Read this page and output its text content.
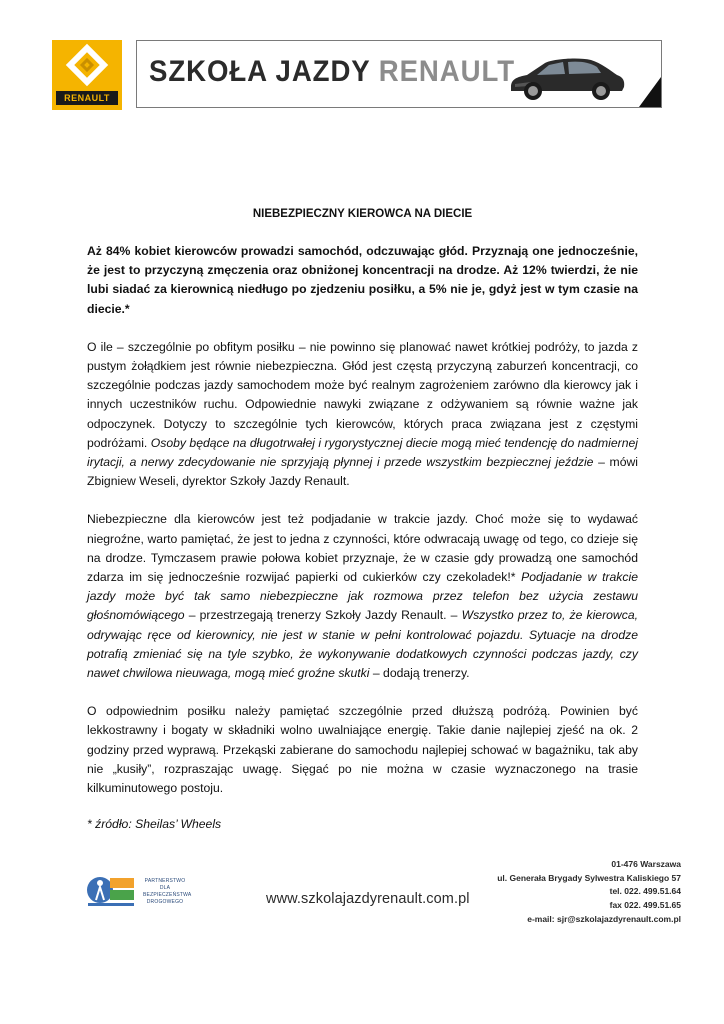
RENAULT
SZKOŁA JAZDY RENAULT

NIEBEZPIECZNY KIEROWCA NA DIECIE

Aż 84% kobiet kierowców prowadzi samochód, odczuwając głód. Przyznają one jednocześnie, że jest to przyczyną zmęczenia oraz obniżonej koncentracji na drodze. Aż 12% twierdzi, że nie lubi siadać za kierownicą niedługo po zjedzeniu posiłku, a 5% nie je, gdyż jest w tym czasie na diecie.*

O ile – szczególnie po obfitym posiłku – nie powinno się planować nawet krótkiej podróży, to jazda z pustym żołądkiem jest równie niebezpieczna. Głód jest częstą przyczyną zaburzeń koncentracji, co szczególnie podczas jazdy samochodem może być realnym zagrożeniem zarówno dla kierowcy jak i innych uczestników ruchu. Odpowiednie nawyki związane z odżywaniem są równie ważne jak odpoczynek. Dotyczy to szczególnie tych kierowców, których praca związana jest z częstymi podróżami. Osoby będące na długotrwałej i rygorystycznej diecie mogą mieć tendencję do nadmiernej irytacji, a nerwy zdecydowanie nie sprzyjają płynnej i przede wszystkim bezpiecznej jeździe – mówi Zbigniew Weseli, dyrektor Szkoły Jazdy Renault.

Niebezpieczne dla kierowców jest też podjadanie w trakcie jazdy. Choć może się to wydawać niegroźne, warto pamiętać, że jest to jedna z czynności, które odwracają uwagę od tego, co dzieje się na drodze. Tymczasem prawie połowa kobiet przyznaje, że w czasie gdy prowadzą one samochód zdarza im się jednocześnie rozwijać papierki od cukierków czy czekoladek!* Podjadanie w trakcie jazdy może być tak samo niebezpieczne jak rozmowa przez telefon bez użycia zestawu głośnomówiącego – przestrzegają trenerzy Szkoły Jazdy Renault. – Wszystko przez to, że kierowca, odrywając ręce od kierownicy, nie jest w stanie w pełni kontrolować pojazdu. Sytuacje na drodze potrafią zmieniać się na tyle szybko, że wykonywanie dodatkowych czynności podczas jazdy, czy nawet chwilowa nieuwaga, mogą mieć groźne skutki – dodają trenerzy.

O odpowiednim posiłku należy pamiętać szczególnie przed dłuższą podróżą. Powinien być lekkostrawny i bogaty w składniki wolno uwalniające energię. Takie danie najlepiej zjeść na ok. 2 godziny przed wyprawą. Przekąski zabierane do samochodu najlepiej schować w bagażniku, tak aby nie „kusiły”, rozpraszając uwagę. Sięgać po nie można w czasie wyznaczonego na trasie kilkuminutowego postoju.

* źródło: Sheilas’ Wheels

PARTNERSTWO
DLA
BEZPIECZEŃSTWA
DROGOWEGO	www.szkolajazdyrenault.com.pl
01-476 Warszawa
ul. Generała Brygady Sylwestra Kaliskiego 57
tel. 022. 499.51.64
fax 022. 499.51.65
e-mail: sjr@szkolajazdyrenault.com.pl
